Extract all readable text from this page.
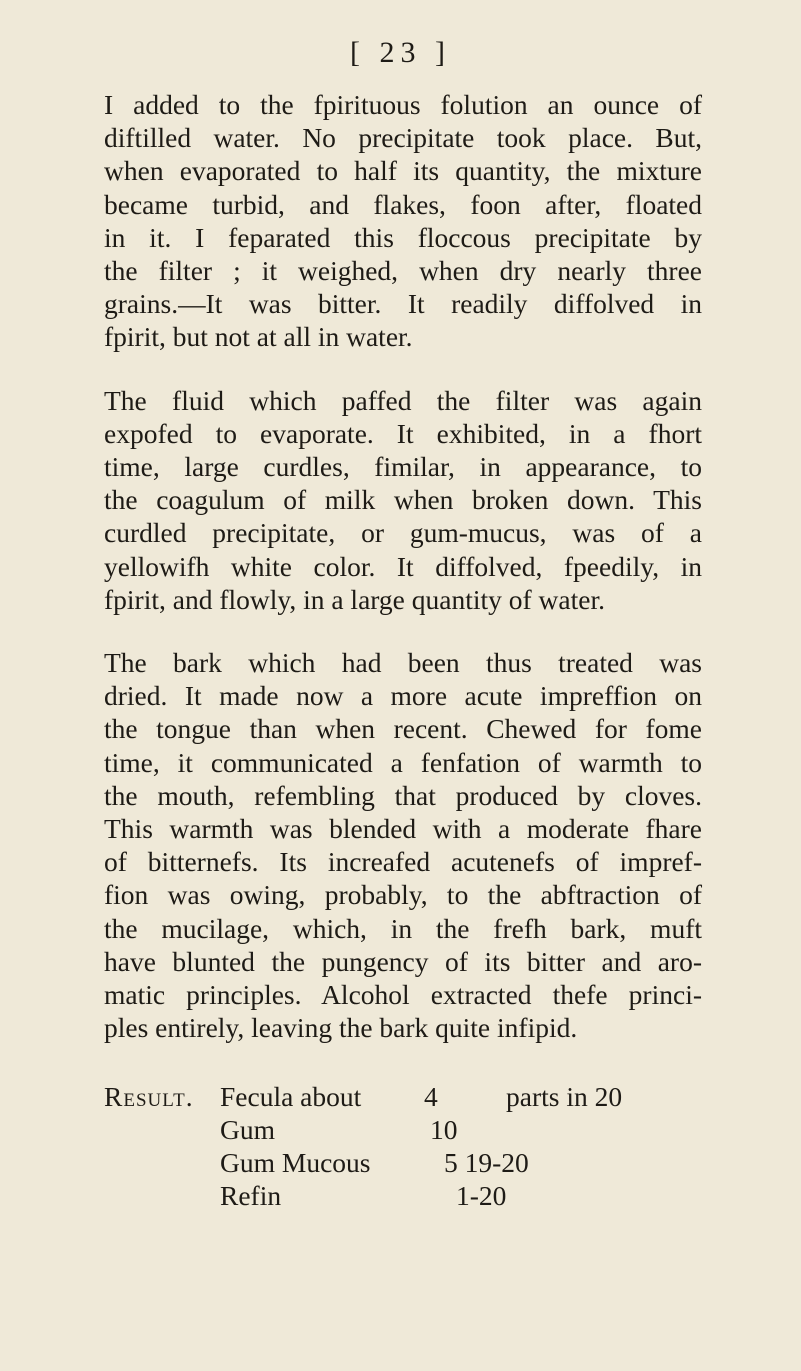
[ 23 ]

I added to the fpirituous folution an ounce of
diftilled water. No precipitate took place. But,
when evaporated to half its quantity, the mixture
became turbid, and flakes, foon after, floated
in it. I feparated this floccous precipitate by
the filter ; it weighed, when dry nearly three
grains.—It was bitter. It readily diffolved in
fpirit, but not at all in water.

The fluid which paffed the filter was again
expofed to evaporate. It exhibited, in a fhort
time, large curdles, fimilar, in appearance, to
the coagulum of milk when broken down. This
curdled precipitate, or gum-mucus, was of a
yellowifh white color. It diffolved, fpeedily, in
fpirit, and flowly, in a large quantity of water.

The bark which had been thus treated was
dried. It made now a more acute impreffion on
the tongue than when recent. Chewed for fome
time, it communicated a fenfation of warmth to
the mouth, refembling that produced by cloves.
This warmth was blended with a moderate fhare
of bitternefs. Its increafed acutenefs of impref-
fion was owing, probably, to the abftraction of
the mucilage, which, in the frefh bark, muft
have blunted the pungency of its bitter and aro-
matic principles. Alcohol extracted thefe princi-
ples entirely, leaving the bark quite infipid.

Result. Fecula about 4 parts in 20
Gum	10
Gum Mucous	5 19-20
Refin	1-20
